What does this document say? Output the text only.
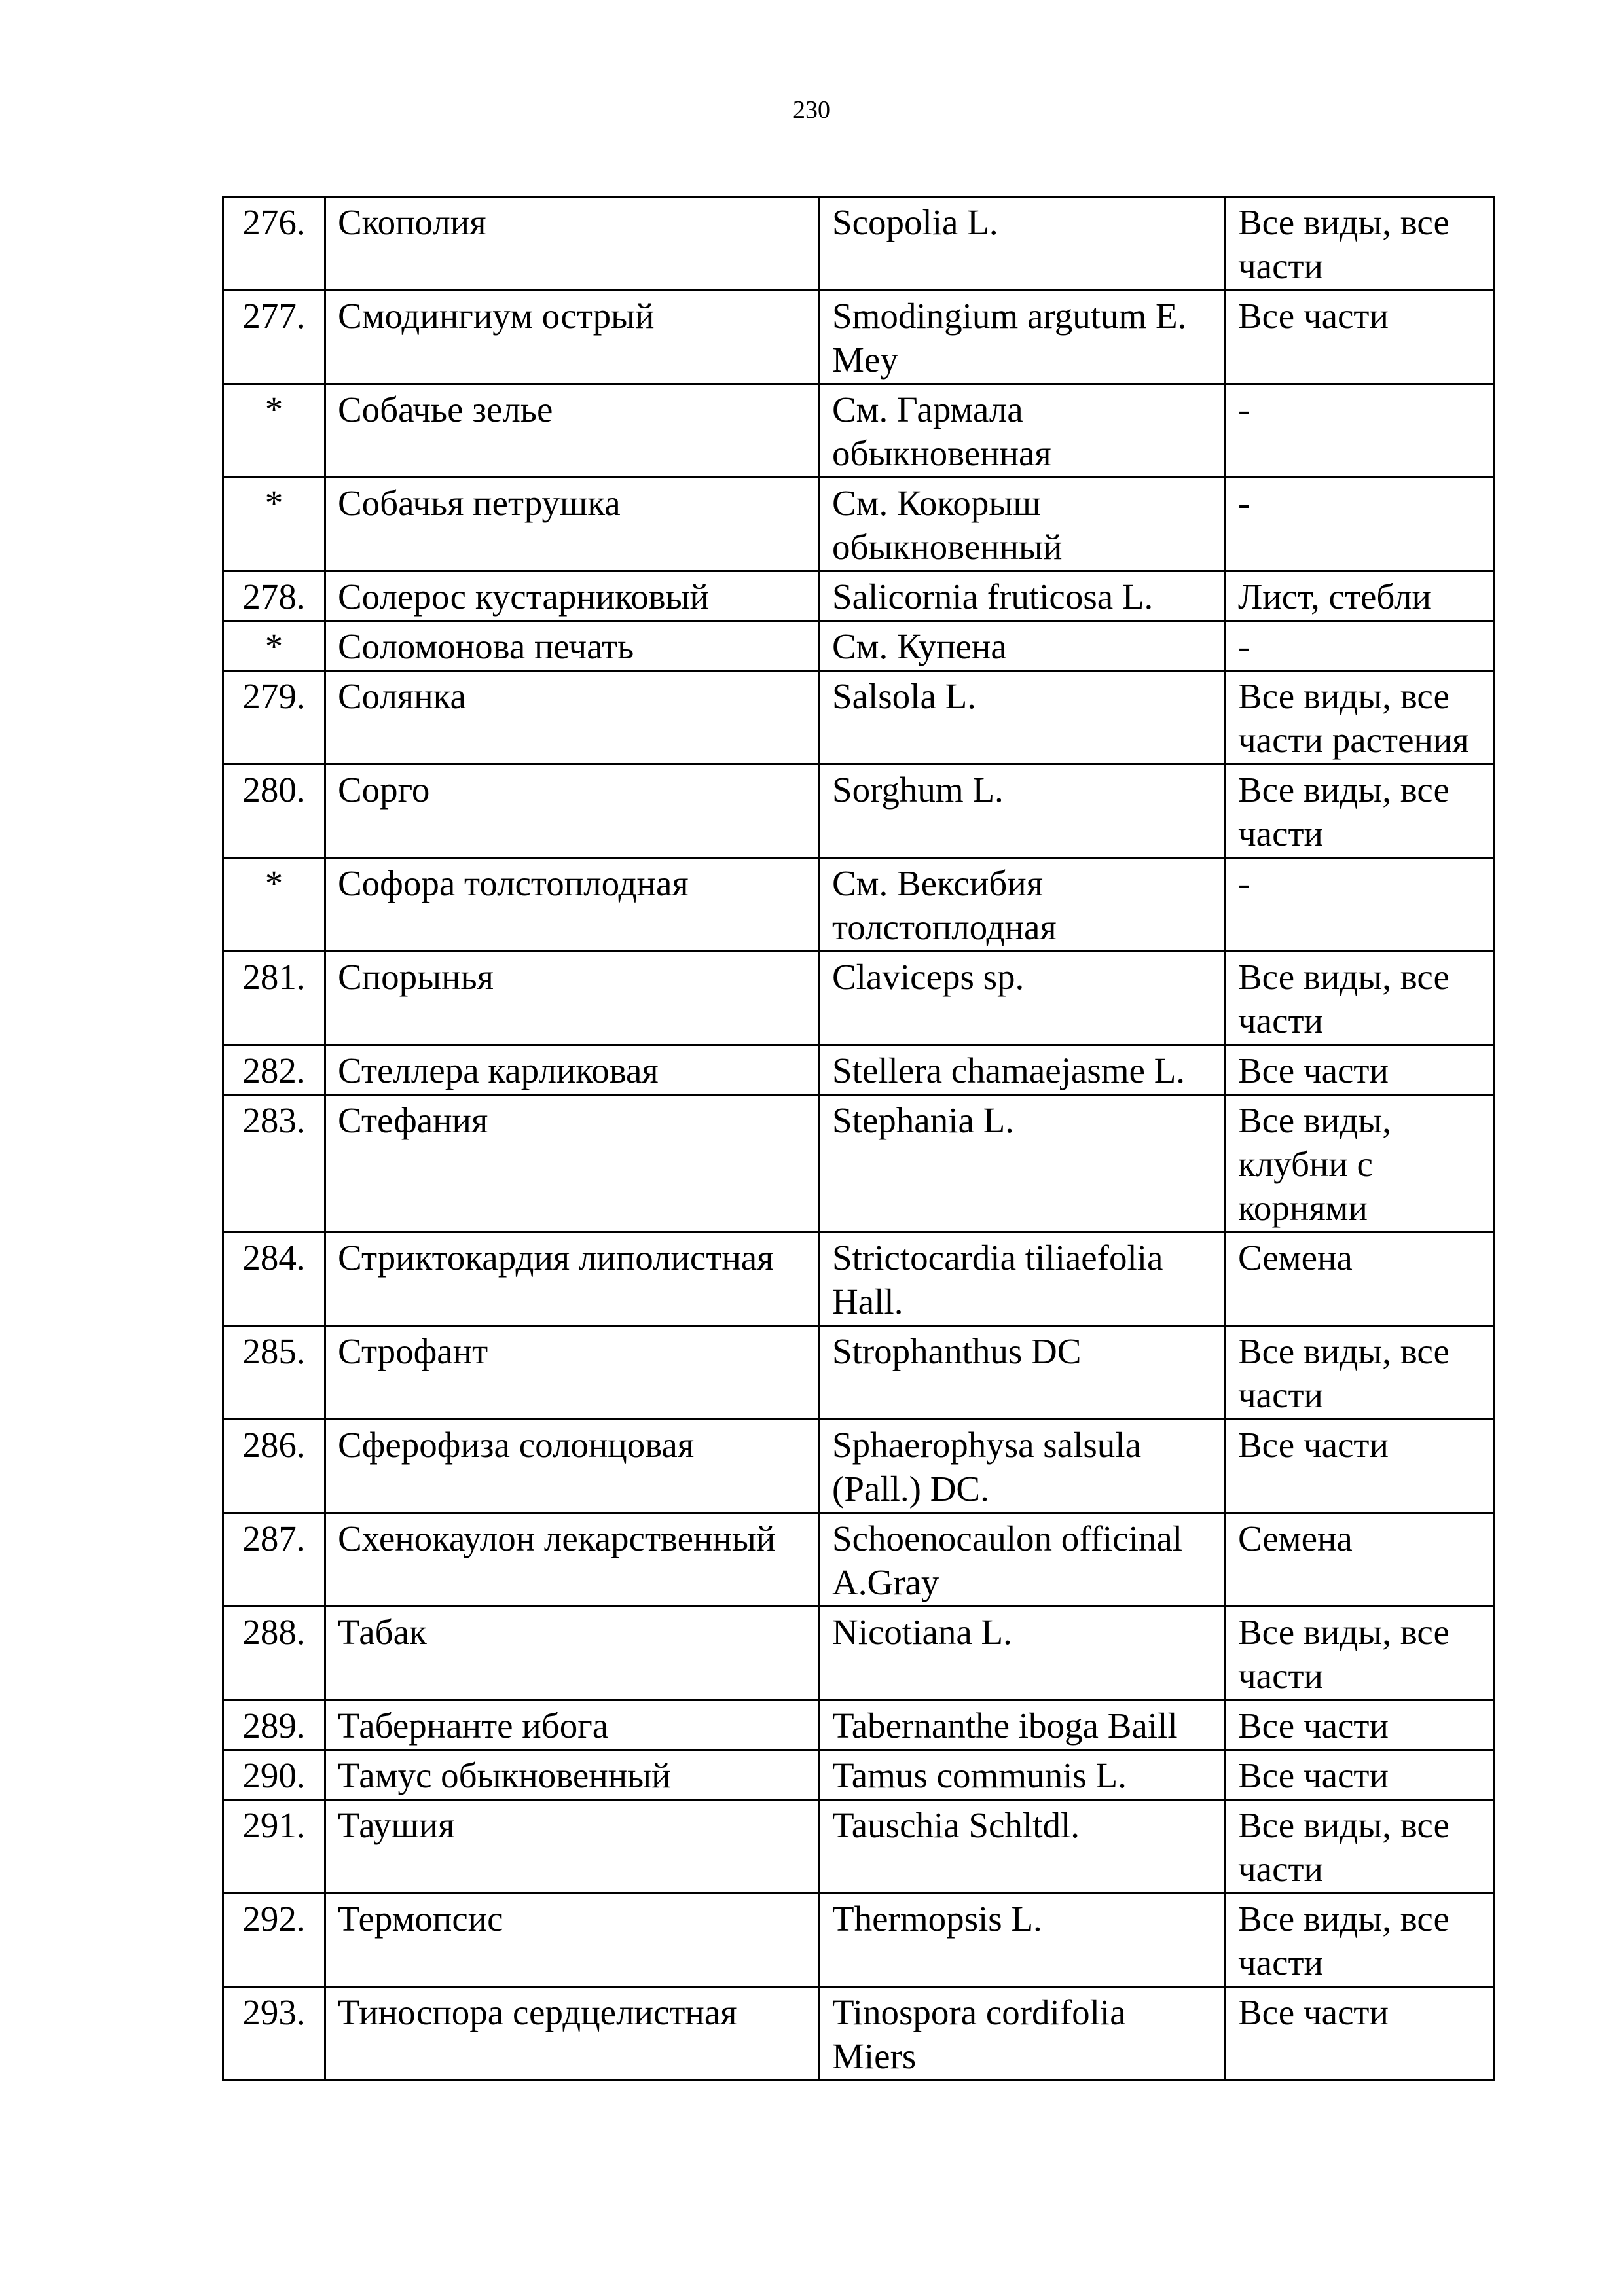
230
276.	Скополия	Scopolia L.	Все виды, все части
277.	Смодингиум острый	Smodingium argutum E. Mey	Все части
*	Собачье зелье	См. Гармала обыкновенная	-
*	Собачья петрушка	См. Кокорыш обыкновенный	-
278.	Солерос кустарниковый	Salicornia fruticosa L.	Лист, стебли
*	Соломонова печать	См. Купена	-
279.	Солянка	Salsola L.	Все виды, все части растения
280.	Сорго	Sorghum L.	Все виды, все части
*	Софора толстоплодная	См. Вексибия толстоплодная	-
281.	Спорынья	Claviceps sp.	Все виды, все части
282.	Стеллера карликовая	Stellera chamaejasme L.	Все части
283.	Стефания	Stephania L.	Все виды, клубни с корнями
284.	Стриктокардия липолистная	Strictocardia tiliaefolia Hall.	Семена
285.	Строфант	Strophanthus DC	Все виды, все части
286.	Сферофиза солонцовая	Sphaerophysa salsula (Pall.) DC.	Все части
287.	Схенокаулон лекарственный	Schoenocaulon officinal A.Gray	Семена
288.	Табак	Nicotiana L.	Все виды, все части
289.	Табернанте ибога	Tabernanthe iboga Baill	Все части
290.	Тамус обыкновенный	Tamus communis L.	Все части
291.	Таушия	Tauschia Schltdl.	Все виды, все части
292.	Термопсис	Thermopsis L.	Все виды, все части
293.	Тиноспора сердцелистная	Tinospora cordifolia Miers	Все части
